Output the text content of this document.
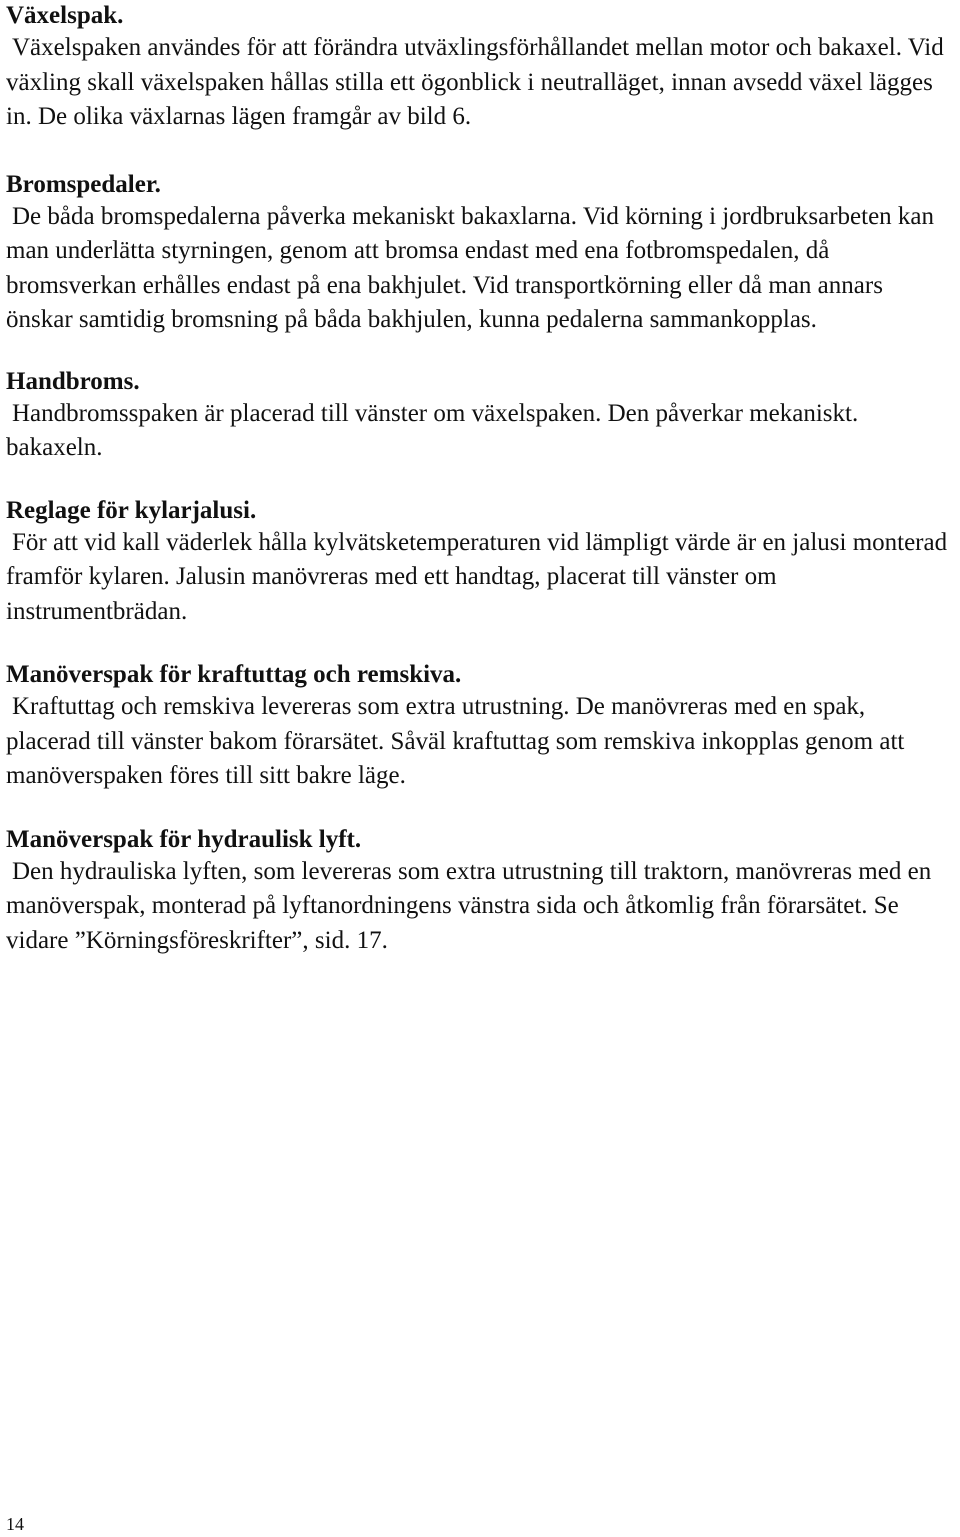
Växelspak.

Växelspaken användes för att förändra utväxlingsförhållandet mellan motor och bakaxel. Vid växling skall växelspaken hållas stilla ett ögonblick i neutralläget, innan avsedd växel lägges in. De olika växlarnas lägen framgår av bild 6.

Bromspedaler.

De båda bromspedalerna påverka mekaniskt bakaxlarna. Vid körning i jordbruksarbeten kan man underlätta styrningen, genom att bromsa endast med ena fotbromspedalen, då bromsverkan erhålles endast på ena bakhjulet. Vid transportkörning eller då man annars önskar samtidig bromsning på båda bakhjulen, kunna pedalerna sammankopplas.

Handbroms.

Handbromsspaken är placerad till vänster om växelspaken. Den påverkar mekaniskt. bakaxeln.

Reglage för kylarjalusi.

För att vid kall väderlek hålla kylvätsketemperaturen vid lämpligt värde är en jalusi monterad framför kylaren. Jalusin manövreras med ett handtag, placerat till vänster om instrumentbrädan.

Manöverspak för kraftuttag och remskiva.

Kraftuttag och remskiva levereras som extra utrustning. De manövreras med en spak, placerad till vänster bakom förarsätet. Såväl kraftuttag som remskiva inkopplas genom att manöverspaken föres till sitt bakre läge.

Manöverspak för hydraulisk lyft.

Den hydrauliska lyften, som levereras som extra utrustning till traktorn, manövreras med en manöverspak, monterad på lyftanordningens vänstra sida och åtkomlig från förarsätet. Se vidare ”Körningsföreskrifter”, sid. 17.

14
